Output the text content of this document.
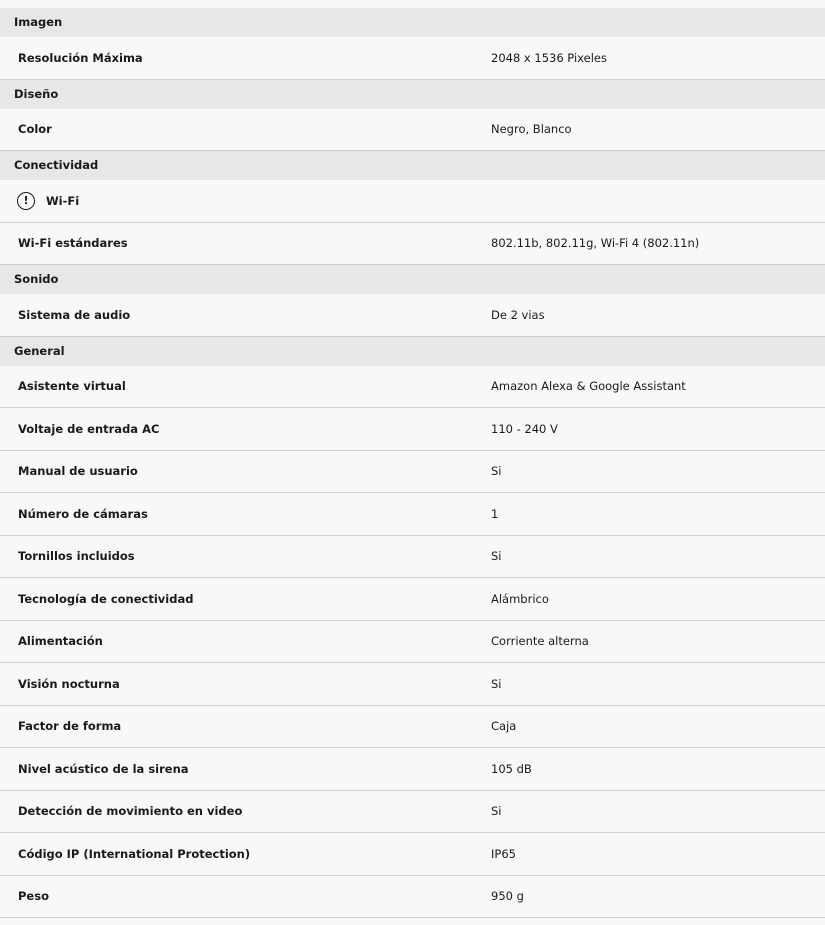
Imagen
Resolución Máxima	2048 x 1536 Pixeles
Diseño
Color	Negro, Blanco
Conectividad
!	Wi-Fi
Wi-Fi estándares	802.11b, 802.11g, Wi-Fi 4 (802.11n)
Sonido
Sistema de audio	De 2 vias
General
Asistente virtual	Amazon Alexa & Google Assistant
Voltaje de entrada AC	110 - 240 V
Manual de usuario	Si
Número de cámaras	1
Tornillos incluidos	Si
Tecnología de conectividad	Alámbrico
Alimentación	Corriente alterna
Visión nocturna	Si
Factor de forma	Caja
Nivel acústico de la sirena	105 dB
Detección de movimiento en video	Si
Código IP (International Protection)	IP65
Peso	950 g
